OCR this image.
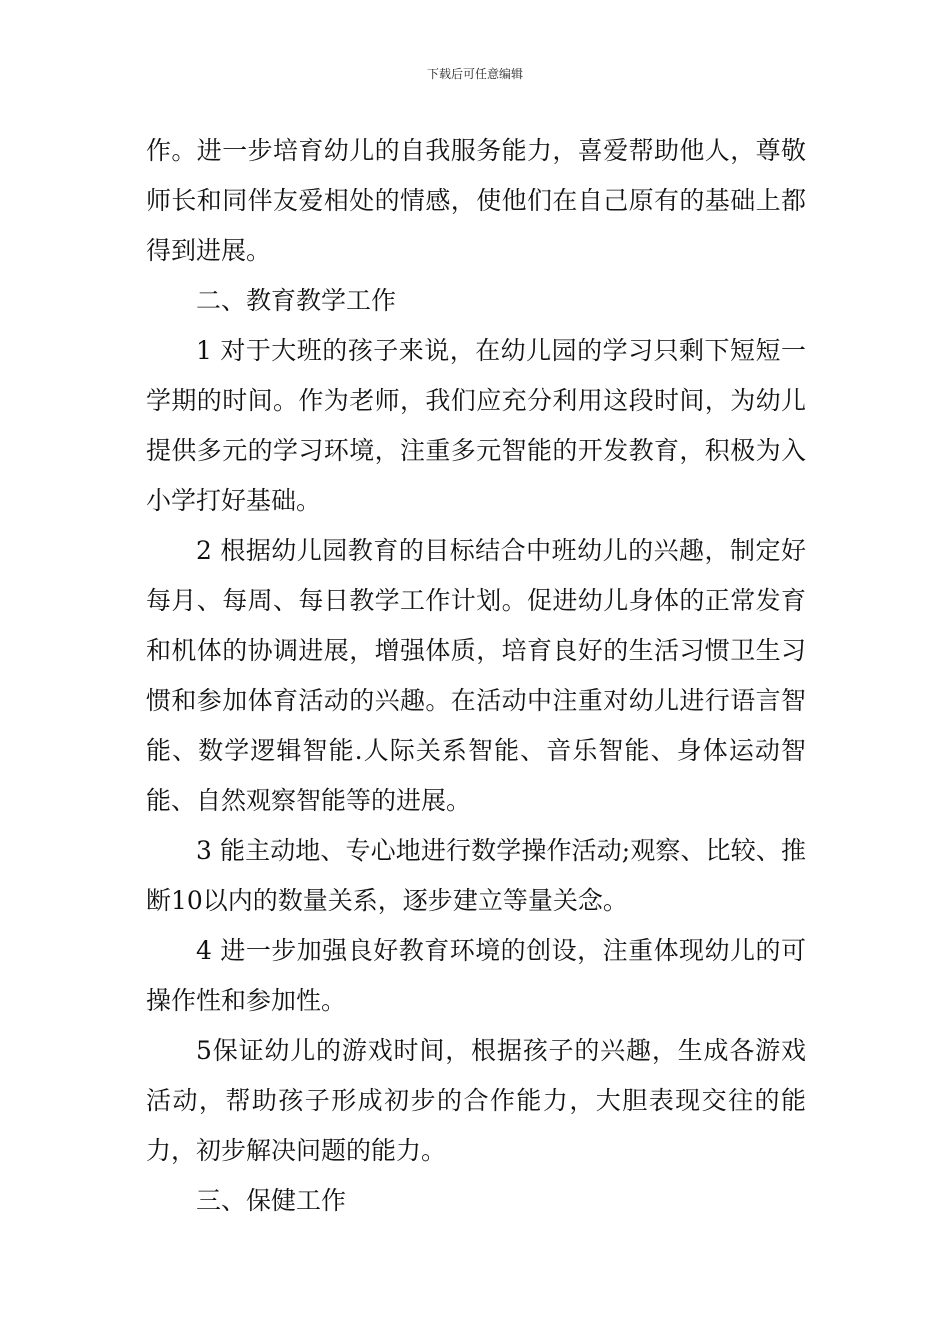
下载后可任意编辑

作。进一步培育幼儿的自我服务能力，喜爱帮助他人，尊敬师长和同伴友爱相处的情感，使他们在自己原有的基础上都得到进展。

二、教育教学工作

1 对于大班的孩子来说，在幼儿园的学习只剩下短短一学期的时间。作为老师，我们应充分利用这段时间，为幼儿提供多元的学习环境，注重多元智能的开发教育，积极为入小学打好基础。

2 根据幼儿园教育的目标结合中班幼儿的兴趣，制定好每月、每周、每日教学工作计划。促进幼儿身体的正常发育和机体的协调进展，增强体质，培育良好的生活习惯卫生习惯和参加体育活动的兴趣。在活动中注重对幼儿进行语言智能、数学逻辑智能.人际关系智能、音乐智能、身体运动智能、自然观察智能等的进展。

3 能主动地、专心地进行数学操作活动;观察、比较、推断10以内的数量关系，逐步建立等量关念。

4 进一步加强良好教育环境的创设，注重体现幼儿的可操作性和参加性。

5保证幼儿的游戏时间，根据孩子的兴趣，生成各游戏活动，帮助孩子形成初步的合作能力，大胆表现交往的能力，初步解决问题的能力。

三、保健工作
